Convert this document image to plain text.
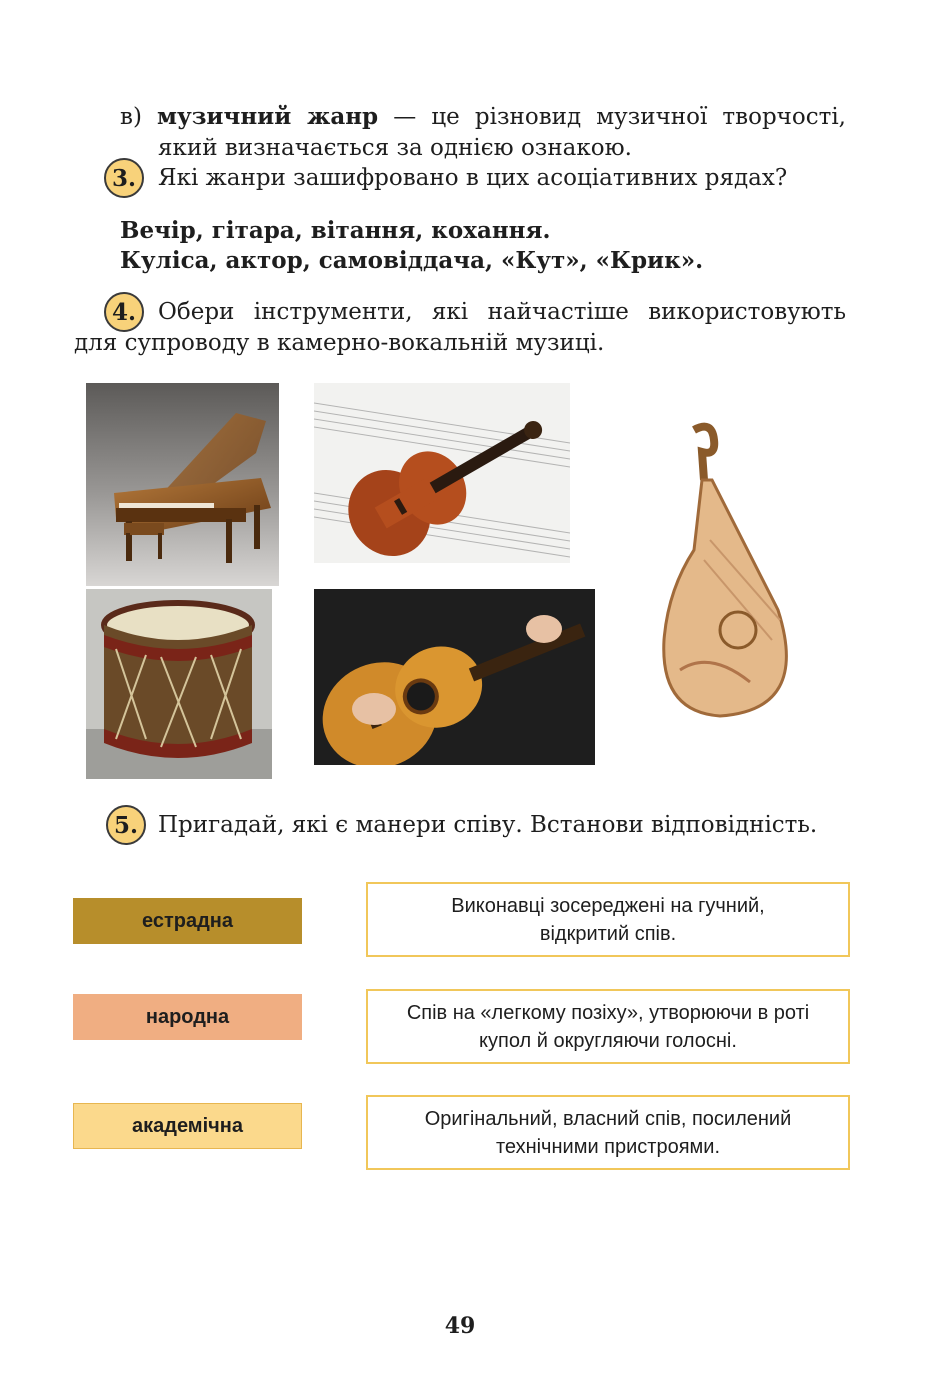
в) музичний жанр — це різновид музичної творчості,
який визначається за однією ознакою.
3. Які жанри зашифровано в цих асоціативних рядах?
Вечір, гітара, вітання, кохання.
Куліса, актор, самовіддача, «Кут», «Крик».
4. Обери інструменти, які найчастіше використовують
для супроводу в камерно-вокальній музиці.
5. Пригадай, які є манери співу. Встанови відповідність.
естрадна
народна
академічна
Виконавці зосереджені на гучний,
відкритий спів.
Спів на «легкому позіху», утворюючи в роті
купол й округляючи голосні.
Оригінальний, власний спів, посилений
технічними пристроями.
49
